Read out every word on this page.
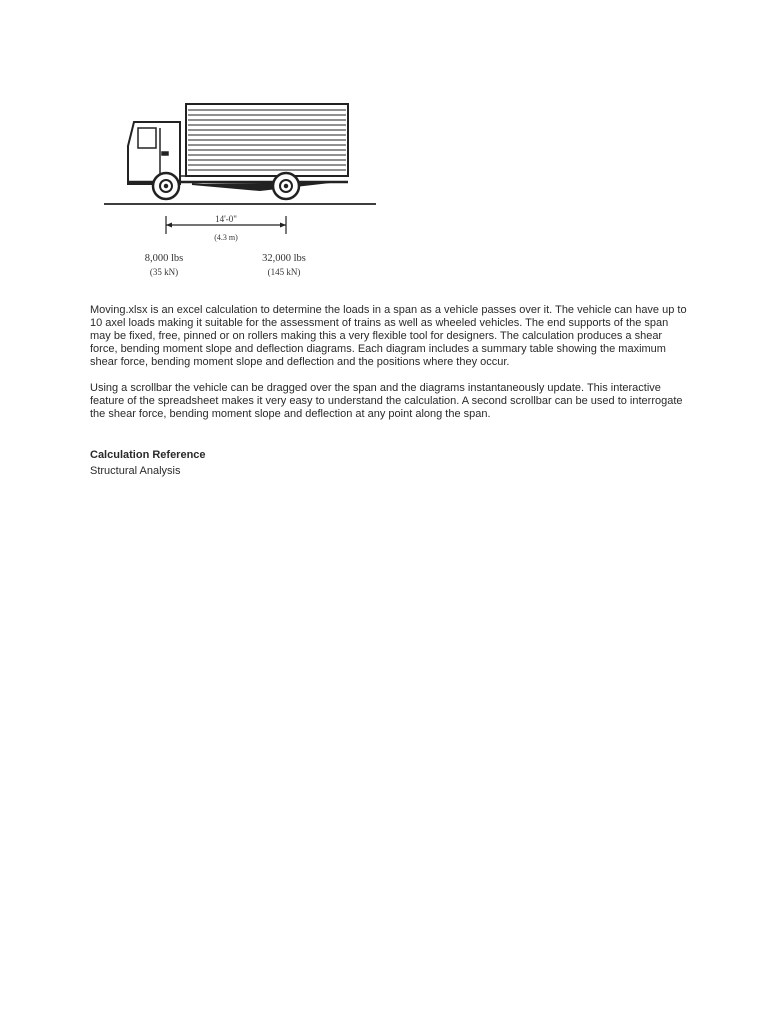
14'-0"
(4.3 m)
8,000 lbs
(35 kN)
32,000 lbs
(145 kN)

Moving.xlsx is an excel calculation to determine the loads in a span as a vehicle passes over it. The vehicle can have up to 10 axel loads making it suitable for the assessment of trains as well as wheeled vehicles. The end supports of the span may be fixed, free, pinned or on rollers making this a very flexible tool for designers. The calculation produces a shear force, bending moment slope and deflection diagrams. Each diagram includes a summary table showing the maximum shear force, bending moment slope and deflection and the positions where they occur.

Using a scrollbar the vehicle can be dragged over the span and the diagrams instantaneously update. This interactive feature of the spreadsheet makes it very easy to understand the calculation. A second scrollbar can be used to interrogate the shear force, bending moment slope and deflection at any point along the span.

Calculation Reference

Structural Analysis
